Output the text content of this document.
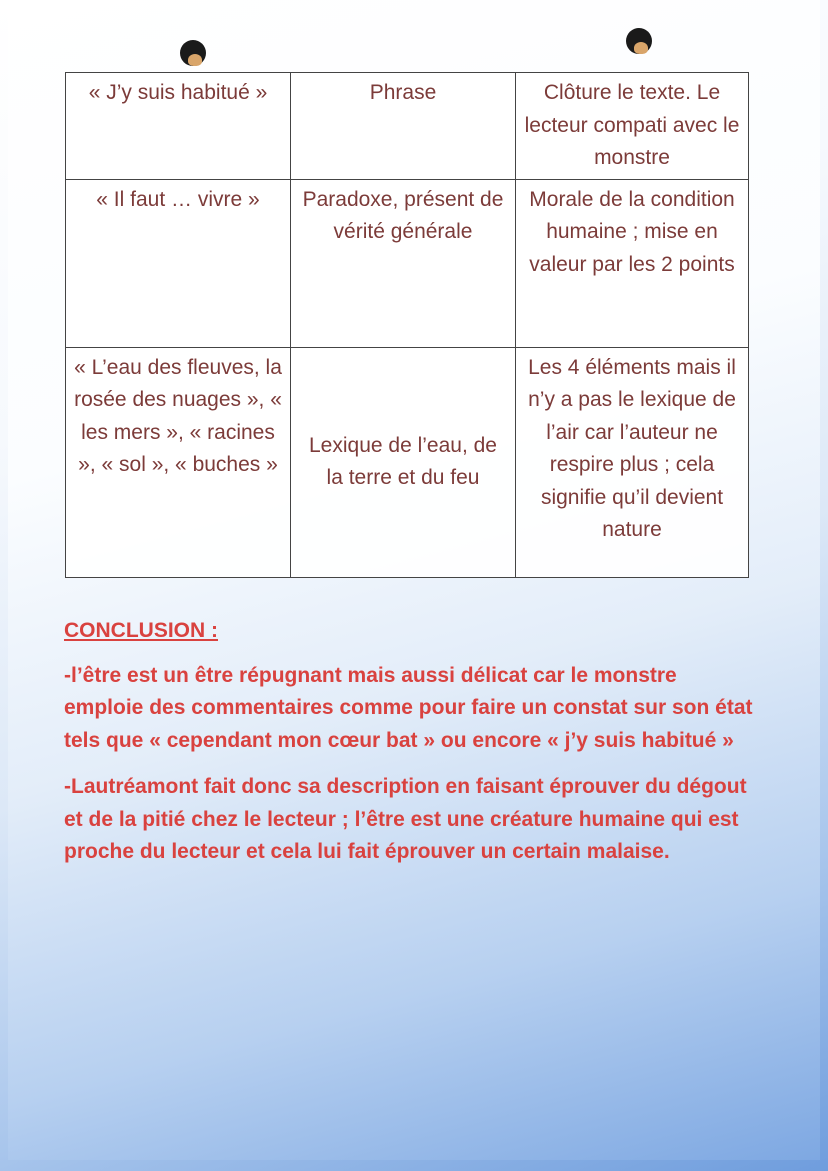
« J’y suis habitué »	Phrase	Clôture le texte. Le lecteur compati avec le monstre
« Il faut … vivre »	Paradoxe, présent de vérité générale	Morale de la condition humaine ; mise en valeur par les 2 points
« L’eau des fleuves, la rosée des nuages », « les mers », « racines », « sol », « buches »	Lexique de l’eau, de la terre et du feu	Les 4 éléments mais il n’y a pas le lexique de l’air car l’auteur ne respire plus ; cela signifie qu’il devient nature
CONCLUSION :

-l’être est un être répugnant mais aussi délicat car le monstre emploie des commentaires comme pour faire un constat sur son état tels que « cependant mon cœur bat » ou encore « j’y suis habitué »

-Lautréamont fait donc sa description en faisant éprouver du dégout et de la pitié chez le lecteur ; l’être est une créature humaine qui est proche du lecteur et cela lui fait éprouver un certain malaise.
